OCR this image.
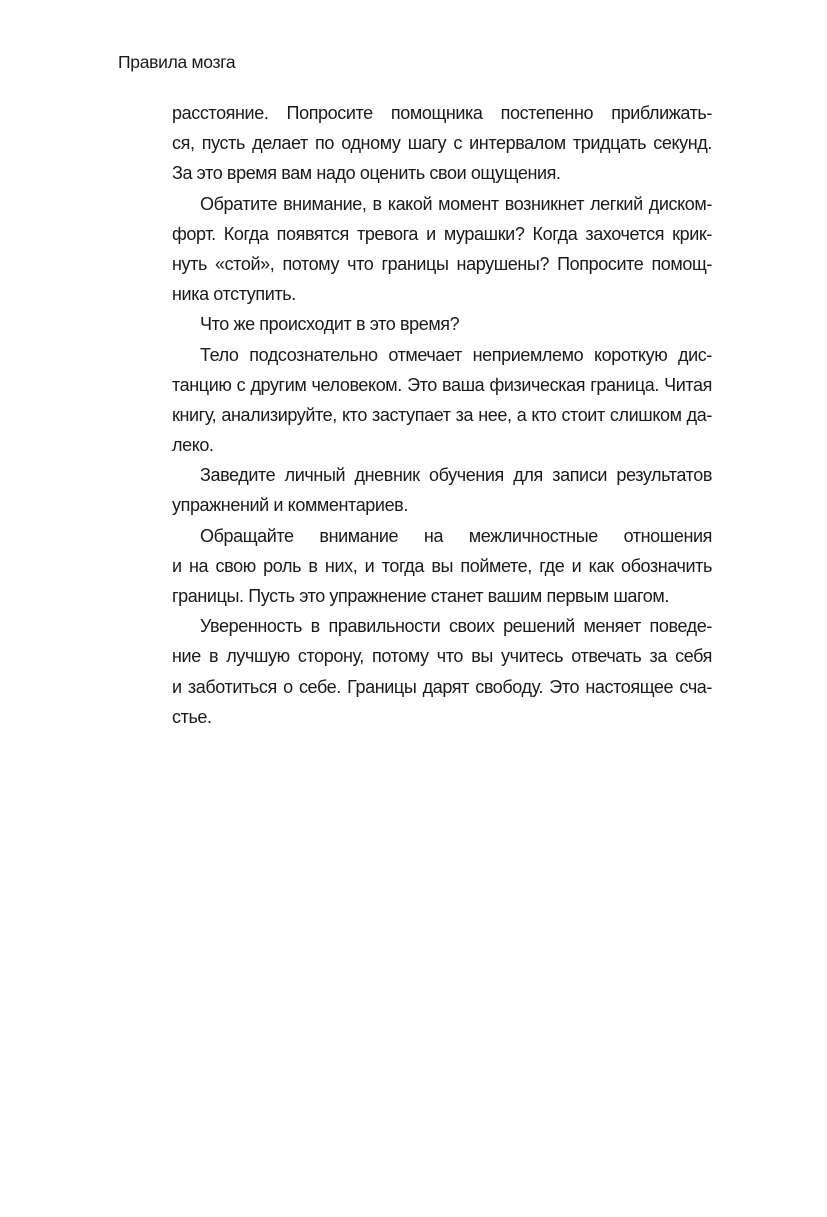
Правила мозга
расстояние. Попросите помощника постепенно приближать-
ся, пусть делает по одному шагу с интервалом тридцать секунд.
За это время вам надо оценить свои ощущения.
Обратите внимание, в какой момент возникнет легкий диском-
форт. Когда появятся тревога и мурашки? Когда захочется крик-
нуть «стой», потому что границы нарушены? Попросите помощ-
ника отступить.
Что же происходит в это время?
Тело подсознательно отмечает неприемлемо короткую дис-
танцию с другим человеком. Это ваша физическая граница. Читая
книгу, анализируйте, кто заступает за нее, а кто стоит слишком да-
леко.
Заведите личный дневник обучения для записи результатов
упражнений и комментариев.
Обращайте внимание на межличностные отношения
и на свою роль в них, и тогда вы поймете, где и как обозначить
границы. Пусть это упражнение станет вашим первым шагом.
Уверенность в правильности своих решений меняет поведе-
ние в лучшую сторону, потому что вы учитесь отвечать за себя
и заботиться о себе. Границы дарят свободу. Это настоящее сча-
стье.
